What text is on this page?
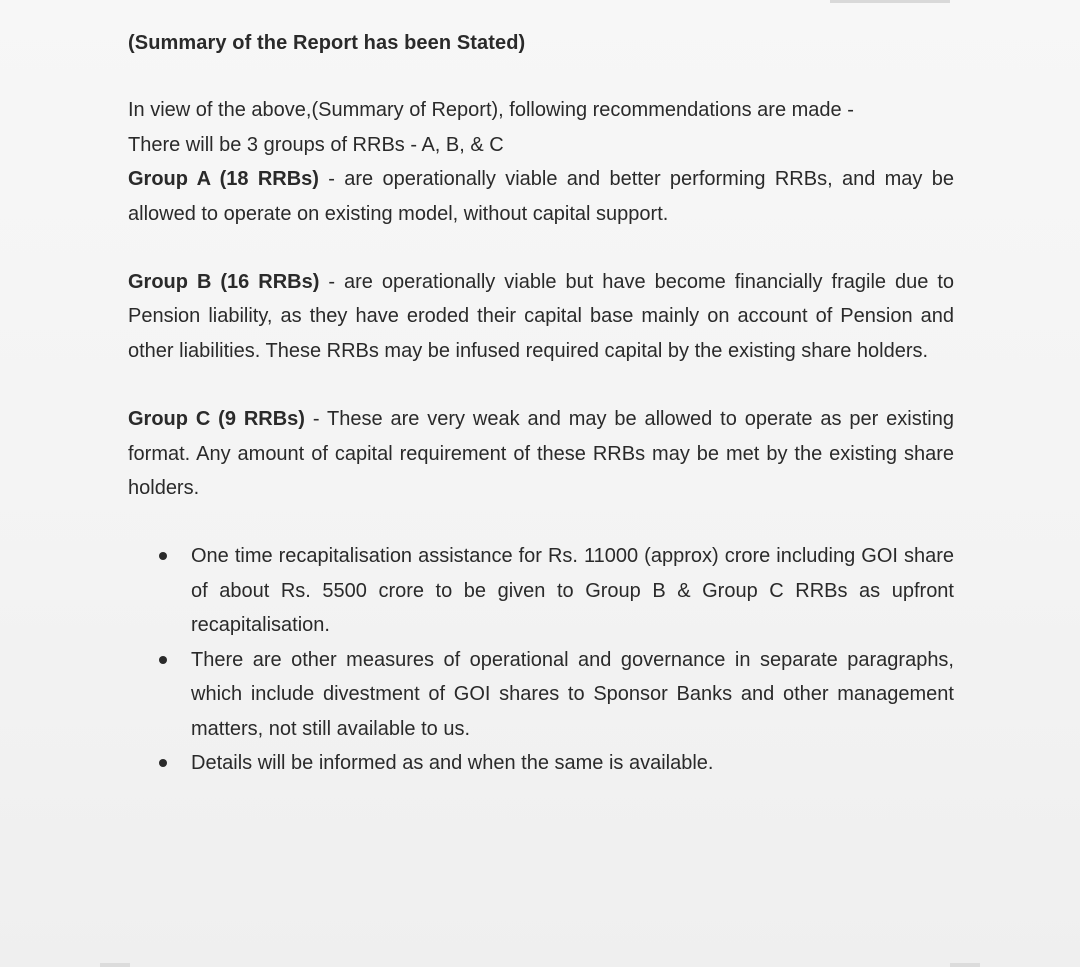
(Summary of the Report has been Stated)

In view of the above,(Summary of Report), following recommendations are made -
There will be 3 groups of RRBs - A, B, & C
Group A (18 RRBs) - are operationally viable and better performing RRBs, and may be allowed to operate on existing model, without capital support.

Group B (16 RRBs) - are operationally viable but have become financially fragile due to Pension liability, as they have eroded their capital base mainly on account of Pension and other liabilities. These RRBs may be infused required capital by the existing share holders.

Group C (9 RRBs) - These are very weak and may be allowed to operate as per existing format. Any amount of capital requirement of these RRBs may be met by the existing share holders.

One time recapitalisation assistance for Rs. 11000 (approx) crore including GOI share of about Rs. 5500 crore to be given to Group B & Group C RRBs as upfront recapitalisation.
There are other measures of operational and governance in separate paragraphs, which include divestment of GOI shares to Sponsor Banks and other management matters, not still available to us.
Details will be informed as and when the same is available.
